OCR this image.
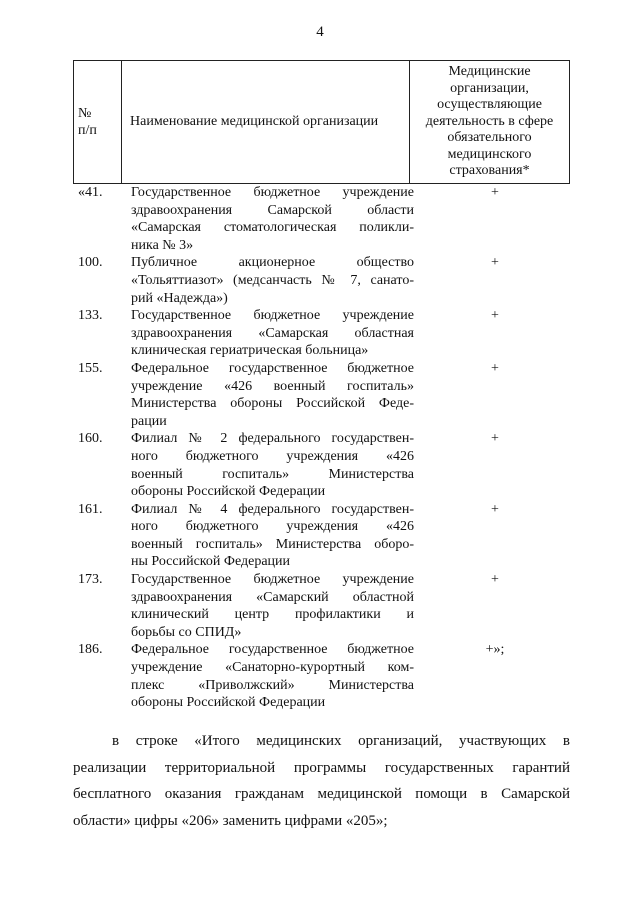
4
№
п/п
Наименование медицинской организации
Медицинские
организации,
осуществляющие
деятельность в сфере
обязательного
медицинского
страхования*
«41. Государственное бюджетное учреждение
здравоохранения Самарской области
«Самарская стоматологическая поликли-
ника № 3»
+
100. Публичное акционерное общество
«Тольяттиазот» (медсанчасть № 7, санато-
рий «Надежда»)
+
133. Государственное бюджетное учреждение
здравоохранения «Самарская областная
клиническая гериатрическая больница»
+
155. Федеральное государственное бюджетное
учреждение «426 военный госпиталь»
Министерства обороны Российской Феде-
рации
+
160. Филиал № 2 федерального государствен-
ного бюджетного учреждения «426
военный госпиталь» Министерства
обороны Российской Федерации
+
161. Филиал № 4 федерального государствен-
ного бюджетного учреждения «426
военный госпиталь» Министерства оборо-
ны Российской Федерации
+
173. Государственное бюджетное учреждение
здравоохранения «Самарский областной
клинический центр профилактики и
борьбы со СПИД»
+
186. Федеральное государственное бюджетное
учреждение «Санаторно-курортный ком-
плекс «Приволжский» Министерства
обороны Российской Федерации
+»;
в строке «Итого медицинских организаций, участвующих в
реализации территориальной программы государственных гарантий
бесплатного оказания гражданам медицинской помощи в Самарской
области» цифры «206» заменить цифрами «205»;
